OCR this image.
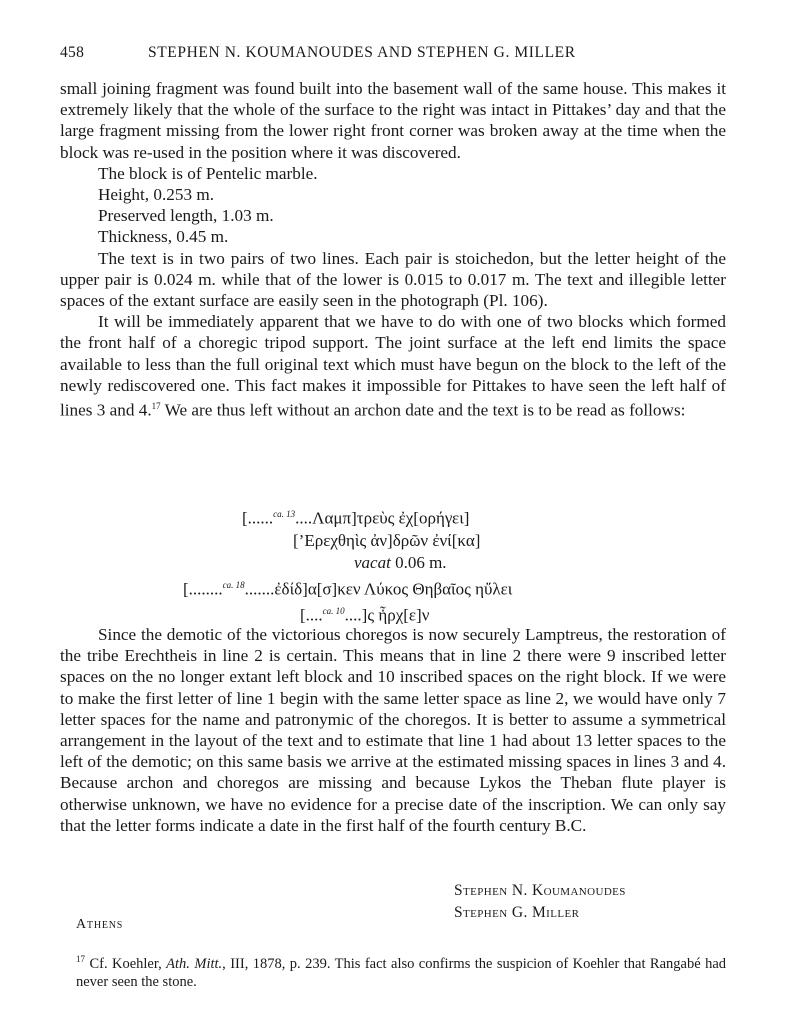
458	STEPHEN N. KOUMANOUDES AND STEPHEN G. MILLER

small joining fragment was found built into the basement wall of the same house. This makes it extremely likely that the whole of the surface to the right was intact in Pittakes’ day and that the large fragment missing from the lower right front corner was broken away at the time when the block was re-used in the position where it was discovered.

The block is of Pentelic marble.

Height, 0.253 m.

Preserved length, 1.03 m.

Thickness, 0.45 m.

The text is in two pairs of two lines. Each pair is stoichedon, but the letter height of the upper pair is 0.024 m. while that of the lower is 0.015 to 0.017 m. The text and illegible letter spaces of the extant surface are easily seen in the photograph (Pl. 106).

It will be immediately apparent that we have to do with one of two blocks which formed the front half of a choregic tripod support. The joint surface at the left end limits the space available to less than the full original text which must have begun on the block to the left of the newly rediscovered one. This fact makes it impossible for Pittakes to have seen the left half of lines 3 and 4.17 We are thus left without an archon date and the text is to be read as follows:

[......$^{ca. 13}$....Λαμπ]τρεὺς ἐχ[ορήγει]
[’Ερεχθηὶς ἀν]δρῶν ἐνί[κα]
vacat 0.06 m.
[........$^{ca. 18}$.......ἐδίδ]α[σ]κεν Λύκος Θηβαῖος ηὔλει
[....$^{ca. 10}$....]ς ἦρχ[ε]ν

Since the demotic of the victorious choregos is now securely Lamptreus, the restoration of the tribe Erechtheis in line 2 is certain. This means that in line 2 there were 9 inscribed letter spaces on the no longer extant left block and 10 inscribed spaces on the right block. If we were to make the first letter of line 1 begin with the same letter space as line 2, we would have only 7 letter spaces for the name and patronymic of the choregos. It is better to assume a symmetrical arrangement in the layout of the text and to estimate that line 1 had about 13 letter spaces to the left of the demotic; on this same basis we arrive at the estimated missing spaces in lines 3 and 4. Because archon and choregos are missing and because Lykos the Theban flute player is otherwise unknown, we have no evidence for a precise date of the inscription. We can only say that the letter forms indicate a date in the first half of the fourth century B.C.

Stephen N. Koumanoudes
Stephen G. Miller
Athens
$^{17}$ Cf. Koehler, Ath. Mitt., III, 1878, p. 239. This fact also confirms the suspicion of Koehler that Rangabé had never seen the stone.
